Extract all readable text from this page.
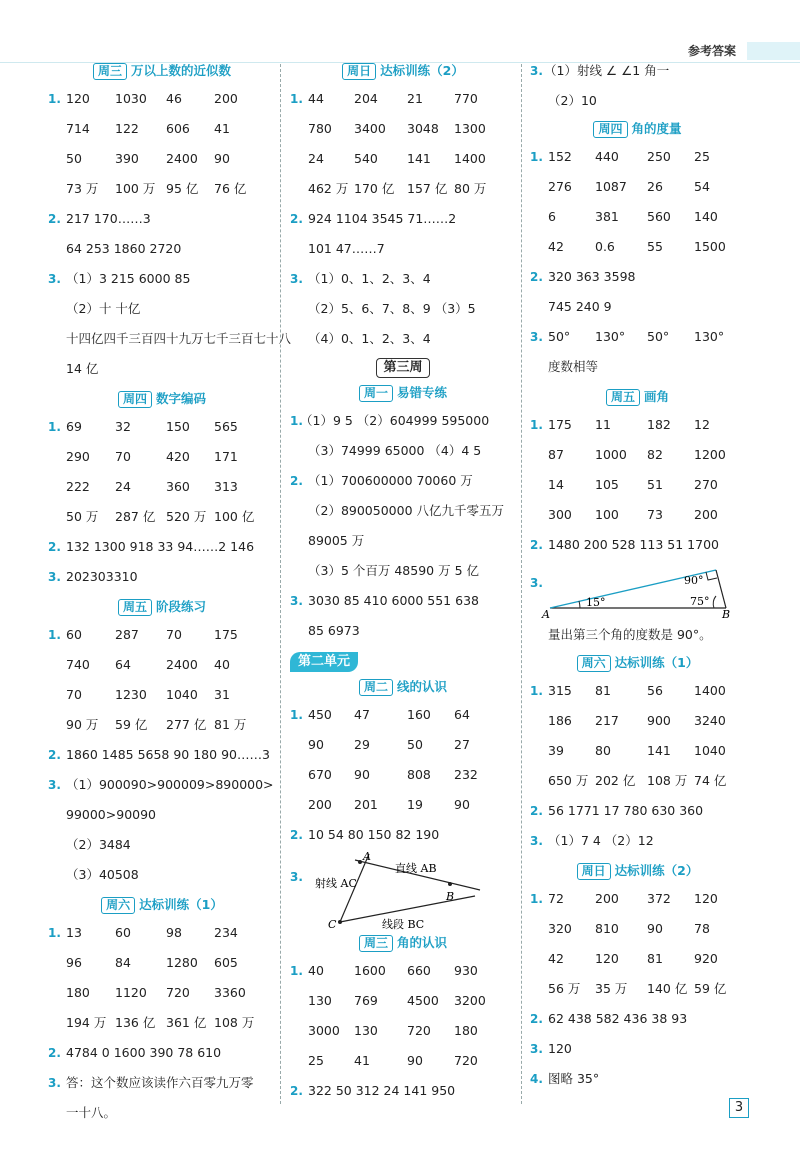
参考答案
周三 万以上数的近似数
1. 120 1030 46	200
714 122 606 41
50	390 2400 90
73 万 100 万 95 亿 76 亿
2. 217 170……3
64 253 1860 2720
3. （1）3 215 6000 85
（2）十 十亿
十四亿四千三百四十九万七千三百七十八
14 亿
周四 数字编码
1. 69	32	150 565
290 70	420 171
222 24	360 313
50 万 287 亿 520 万 100 亿
2. 132 1300 918 33 94……2 146
3. 202303310
周五 阶段练习
1. 60	287 70	175
740 64	2400 40
70	1230 1040 31
90 万 59 亿 277 亿 81 万
2. 1860 1485 5658 90 180 90……3
3. （1）900090>900009>890000>
99000>90090
（2）3484
（3）40508
周六 达标训练（1）
1. 13	60	98	234
96	84	1280 605
180 1120 720 3360
194 万 136 亿 361 亿 108 万
2. 4784 0 1600 390 78 610
3. 答：这个数应该读作六百零九万零
一十八。
周日 达标训练（2）
1. 44 204 21 770
780 3400 3048 1300
24 540 141 1400
462 万 170 亿 157 亿 80 万
2. 924 1104 3545 71……2
101 47……7
3. （1）0、1、2、3、4
（2）5、6、7、8、9 （3）5
（4）0、1、2、3、4
第三周
周一 易错专练
1.
（1）9 5 （2）604999 595000
（3）74999 65000 （4）4 5
2. （1）700600000 70060 万
（2）890050000 八亿九千零五万
89005 万
（3）5 个百万 48590 万 5 亿
3. 3030 85 410 6000 551 638
85 6973
第二单元
周二 线的认识
1. 450 47	160 64
90 29	50 27
670 90	808 232
200 201 19 90
2. 10 54 80 150 82 190
3.
A
B
C
射线 AC
直线 AB
线段 BC
周三 角的认识
1. 40 1600 660 930
130 769 4500 3200
3000 130 720 180
25 41	90 720
2. 322 50 312 24 141 950
3. （1）射线 ∠ ∠1 角一
（2）10
周四 角的度量
1. 152 440 250 25
276 1087 26 54
6	381 560 140
42 0.6	55 1500
2. 320 363 3598
745 240 9
3. 50° 130° 50° 130°
度数相等
周五 画角
1. 175 11	182 12
87 1000 82 1200
14 105 51 270
300 100 73 200
2. 1480 200 528 113 51 1700
3.
A	B
90°
15°	75°
量出第三个角的度数是 90°。
周六 达标训练（1）
1. 315 81	56 1400
186 217 900 3240
39 80	141 1040
650 万 202 亿 108 万 74 亿
2. 56 1771 17 780 630 360
3. （1）7 4 （2）12
周日 达标训练（2）
1. 72 200 372 120
320 810 90 78
42 120 81 920
56 万 35 万 140 亿 59 亿
2. 62 438 582 436 38 93
3. 120
4. 图略 35°
3
